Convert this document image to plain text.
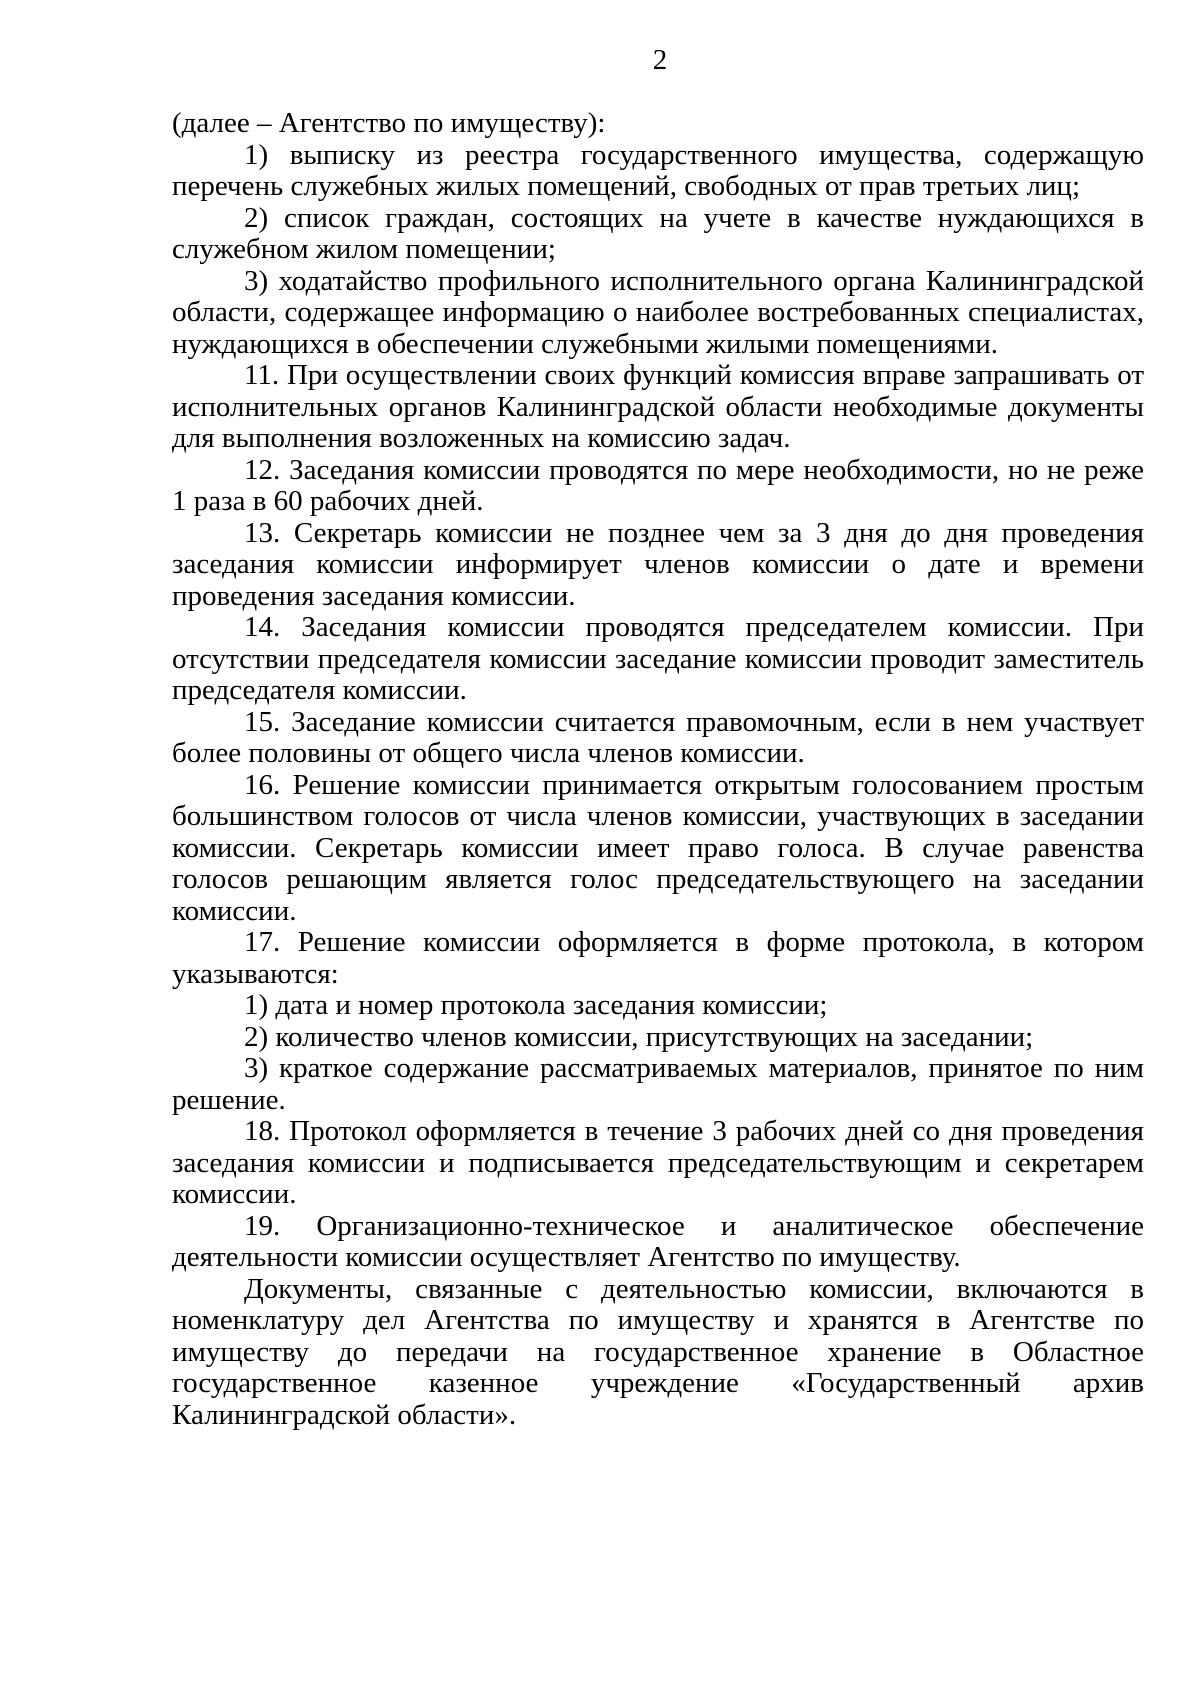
2

(далее – Агентство по имуществу):

1) выписку из реестра государственного имущества, содержащую перечень служебных жилых помещений, свободных от прав третьих лиц;

2) список граждан, состоящих на учете в качестве нуждающихся в служебном жилом помещении;

3) ходатайство профильного исполнительного органа Калининградской области, содержащее информацию о наиболее востребованных специалистах, нуждающихся в обеспечении служебными жилыми помещениями.

11. При осуществлении своих функций комиссия вправе запрашивать от исполнительных органов Калининградской области необходимые документы для выполнения возложенных на комиссию задач.

12. Заседания комиссии проводятся по мере необходимости, но не реже 1 раза в 60 рабочих дней.

13. Секретарь комиссии не позднее чем за 3 дня до дня проведения заседания комиссии информирует членов комиссии о дате и времени проведения заседания комиссии.

14. Заседания комиссии проводятся председателем комиссии. При отсутствии председателя комиссии заседание комиссии проводит заместитель председателя комиссии.

15. Заседание комиссии считается правомочным, если в нем участвует более половины от общего числа членов комиссии.

16. Решение комиссии принимается открытым голосованием простым большинством голосов от числа членов комиссии, участвующих в заседании комиссии. Секретарь комиссии имеет право голоса. В случае равенства голосов решающим является голос председательствующего на заседании комиссии.

17. Решение комиссии оформляется в форме протокола, в котором указываются:

1) дата и номер протокола заседания комиссии;

2) количество членов комиссии, присутствующих на заседании;

3) краткое содержание рассматриваемых материалов, принятое по ним решение.

18. Протокол оформляется в течение 3 рабочих дней со дня проведения заседания комиссии и подписывается председательствующим и секретарем комиссии.

19. Организационно-техническое и аналитическое обеспечение деятельности комиссии осуществляет Агентство по имуществу.

Документы, связанные с деятельностью комиссии, включаются в номенклатуру дел Агентства по имуществу и хранятся в Агентстве по имуществу до передачи на государственное хранение в Областное государственное казенное учреждение «Государственный архив Калининградской области».
